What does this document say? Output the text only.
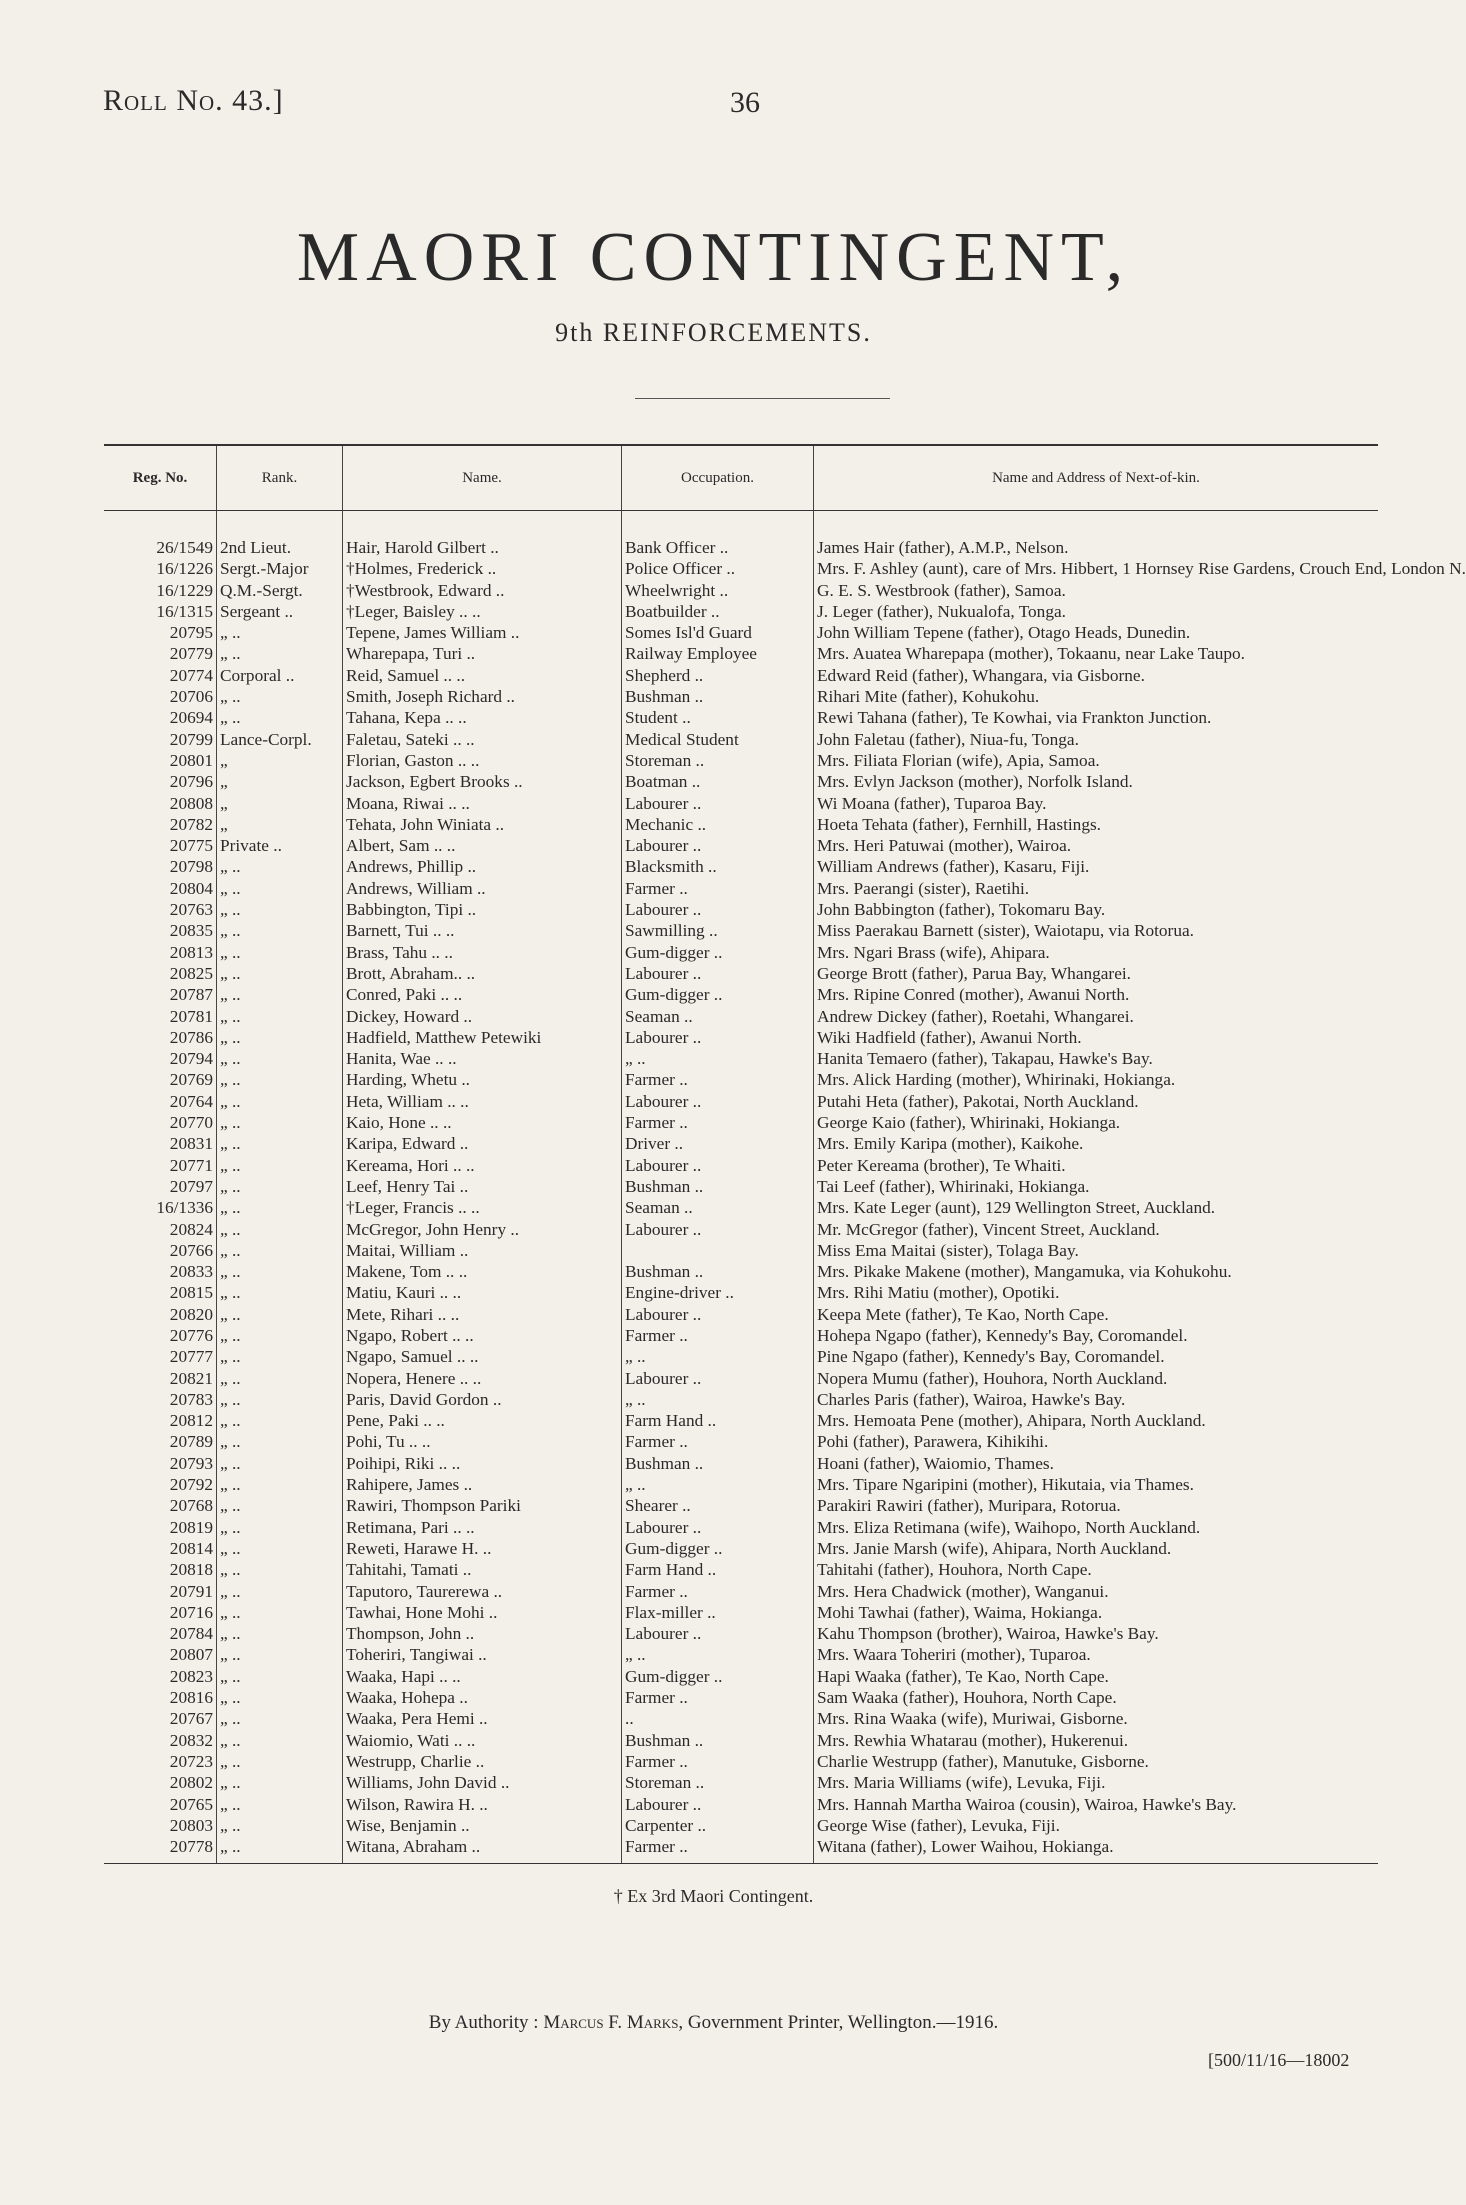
Roll No. 43.]	36
MAORI CONTINGENT,
9th REINFORCEMENTS.
Reg. No.	Rank.	Name.	Occupation.	Name and Address of Next-of-kin.

26/1549	2nd Lieut.	Hair, Harold Gilbert ..	Bank Officer ..	James Hair (father), A.M.P., Nelson.
16/1226	Sergt.-Major	†Holmes, Frederick ..	Police Officer ..	Mrs. F. Ashley (aunt), care of Mrs. Hibbert, 1 Hornsey Rise Gardens, Crouch End, London N.
16/1229	Q.M.-Sergt.	†Westbrook, Edward ..	Wheelwright ..	G. E. S. Westbrook (father), Samoa.
16/1315	Sergeant ..	†Leger, Baisley .. ..	Boatbuilder ..	J. Leger (father), Nukualofa, Tonga.
20795	„ ..	Tepene, James William ..	Somes Isl'd Guard	John William Tepene (father), Otago Heads, Dunedin.
20779	„ ..	Wharepapa, Turi ..	Railway Employee	Mrs. Auatea Wharepapa (mother), Tokaanu, near Lake Taupo.
20774	Corporal ..	Reid, Samuel .. ..	Shepherd ..	Edward Reid (father), Whangara, via Gisborne.
20706	„ ..	Smith, Joseph Richard ..	Bushman ..	Rihari Mite (father), Kohukohu.
20694	„ ..	Tahana, Kepa .. ..	Student ..	Rewi Tahana (father), Te Kowhai, via Frankton Junction.
20799	Lance-Corpl.	Faletau, Sateki .. ..	Medical Student	John Faletau (father), Niua-fu, Tonga.
20801	„	Florian, Gaston .. ..	Storeman ..	Mrs. Filiata Florian (wife), Apia, Samoa.
20796	„	Jackson, Egbert Brooks ..	Boatman ..	Mrs. Evlyn Jackson (mother), Norfolk Island.
20808	„	Moana, Riwai .. ..	Labourer ..	Wi Moana (father), Tuparoa Bay.
20782	„	Tehata, John Winiata ..	Mechanic ..	Hoeta Tehata (father), Fernhill, Hastings.
20775	Private ..	Albert, Sam .. ..	Labourer ..	Mrs. Heri Patuwai (mother), Wairoa.
20798	„ ..	Andrews, Phillip ..	Blacksmith ..	William Andrews (father), Kasaru, Fiji.
20804	„ ..	Andrews, William ..	Farmer ..	Mrs. Paerangi (sister), Raetihi.
20763	„ ..	Babbington, Tipi ..	Labourer ..	John Babbington (father), Tokomaru Bay.
20835	„ ..	Barnett, Tui .. ..	Sawmilling ..	Miss Paerakau Barnett (sister), Waiotapu, via Rotorua.
20813	„ ..	Brass, Tahu .. ..	Gum-digger ..	Mrs. Ngari Brass (wife), Ahipara.
20825	„ ..	Brott, Abraham.. ..	Labourer ..	George Brott (father), Parua Bay, Whangarei.
20787	„ ..	Conred, Paki .. ..	Gum-digger ..	Mrs. Ripine Conred (mother), Awanui North.
20781	„ ..	Dickey, Howard ..	Seaman ..	Andrew Dickey (father), Roetahi, Whangarei.
20786	„ ..	Hadfield, Matthew Petewiki	Labourer ..	Wiki Hadfield (father), Awanui North.
20794	„ ..	Hanita, Wae .. ..	„ ..	Hanita Temaero (father), Takapau, Hawke's Bay.
20769	„ ..	Harding, Whetu ..	Farmer ..	Mrs. Alick Harding (mother), Whirinaki, Hokianga.
20764	„ ..	Heta, William .. ..	Labourer ..	Putahi Heta (father), Pakotai, North Auckland.
20770	„ ..	Kaio, Hone .. ..	Farmer ..	George Kaio (father), Whirinaki, Hokianga.
20831	„ ..	Karipa, Edward ..	Driver ..	Mrs. Emily Karipa (mother), Kaikohe.
20771	„ ..	Kereama, Hori .. ..	Labourer ..	Peter Kereama (brother), Te Whaiti.
20797	„ ..	Leef, Henry Tai ..	Bushman ..	Tai Leef (father), Whirinaki, Hokianga.
16/1336	„ ..	†Leger, Francis .. ..	Seaman ..	Mrs. Kate Leger (aunt), 129 Wellington Street, Auckland.
20824	„ ..	McGregor, John Henry ..	Labourer ..	Mr. McGregor (father), Vincent Street, Auckland.
20766	„ ..	Maitai, William ..		Miss Ema Maitai (sister), Tolaga Bay.
20833	„ ..	Makene, Tom .. ..	Bushman ..	Mrs. Pikake Makene (mother), Mangamuka, via Kohukohu.
20815	„ ..	Matiu, Kauri .. ..	Engine-driver ..	Mrs. Rihi Matiu (mother), Opotiki.
20820	„ ..	Mete, Rihari .. ..	Labourer ..	Keepa Mete (father), Te Kao, North Cape.
20776	„ ..	Ngapo, Robert .. ..	Farmer ..	Hohepa Ngapo (father), Kennedy's Bay, Coromandel.
20777	„ ..	Ngapo, Samuel .. ..	„ ..	Pine Ngapo (father), Kennedy's Bay, Coromandel.
20821	„ ..	Nopera, Henere .. ..	Labourer ..	Nopera Mumu (father), Houhora, North Auckland.
20783	„ ..	Paris, David Gordon ..	„ ..	Charles Paris (father), Wairoa, Hawke's Bay.
20812	„ ..	Pene, Paki .. ..	Farm Hand ..	Mrs. Hemoata Pene (mother), Ahipara, North Auckland.
20789	„ ..	Pohi, Tu .. ..	Farmer ..	Pohi (father), Parawera, Kihikihi.
20793	„ ..	Poihipi, Riki .. ..	Bushman ..	Hoani (father), Waiomio, Thames.
20792	„ ..	Rahipere, James ..	„ ..	Mrs. Tipare Ngaripini (mother), Hikutaia, via Thames.
20768	„ ..	Rawiri, Thompson Pariki	Shearer ..	Parakiri Rawiri (father), Muripara, Rotorua.
20819	„ ..	Retimana, Pari .. ..	Labourer ..	Mrs. Eliza Retimana (wife), Waihopo, North Auckland.
20814	„ ..	Reweti, Harawe H. ..	Gum-digger ..	Mrs. Janie Marsh (wife), Ahipara, North Auckland.
20818	„ ..	Tahitahi, Tamati ..	Farm Hand ..	Tahitahi (father), Houhora, North Cape.
20791	„ ..	Taputoro, Taurerewa ..	Farmer ..	Mrs. Hera Chadwick (mother), Wanganui.
20716	„ ..	Tawhai, Hone Mohi ..	Flax-miller ..	Mohi Tawhai (father), Waima, Hokianga.
20784	„ ..	Thompson, John ..	Labourer ..	Kahu Thompson (brother), Wairoa, Hawke's Bay.
20807	„ ..	Toheriri, Tangiwai ..	„ ..	Mrs. Waara Toheriri (mother), Tuparoa.
20823	„ ..	Waaka, Hapi .. ..	Gum-digger ..	Hapi Waaka (father), Te Kao, North Cape.
20816	„ ..	Waaka, Hohepa ..	Farmer ..	Sam Waaka (father), Houhora, North Cape.
20767	„ ..	Waaka, Pera Hemi ..	..	Mrs. Rina Waaka (wife), Muriwai, Gisborne.
20832	„ ..	Waiomio, Wati .. ..	Bushman ..	Mrs. Rewhia Whatarau (mother), Hukerenui.
20723	„ ..	Westrupp, Charlie ..	Farmer ..	Charlie Westrupp (father), Manutuke, Gisborne.
20802	„ ..	Williams, John David ..	Storeman ..	Mrs. Maria Williams (wife), Levuka, Fiji.
20765	„ ..	Wilson, Rawira H. ..	Labourer ..	Mrs. Hannah Martha Wairoa (cousin), Wairoa, Hawke's Bay.
20803	„ ..	Wise, Benjamin ..	Carpenter ..	George Wise (father), Levuka, Fiji.
20778	„ ..	Witana, Abraham ..	Farmer ..	Witana (father), Lower Waihou, Hokianga.
† Ex 3rd Maori Contingent.
By Authority : Marcus F. Marks, Government Printer, Wellington.—1916.
[500/11/16—18002
